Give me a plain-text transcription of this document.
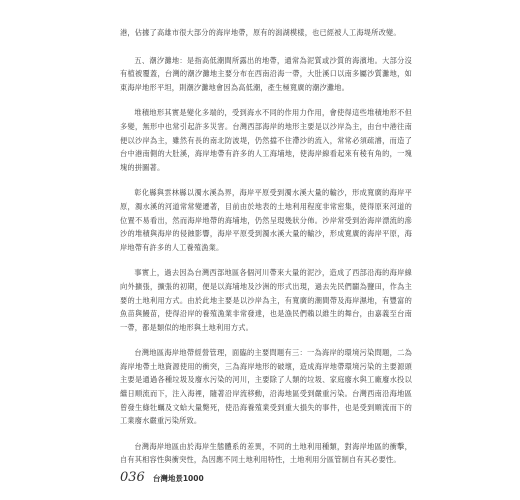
港，佔據了高雄市很大部分的海岸地帶，原有的潟湖模樣，也已經被人工海堤所改變。

五、潮汐灘地：是指高低潮間所露出的地帶，通常為泥質或沙質的海濱地。大部分沒有植被覆蓋，台灣的潮汐灘地主要分布在西南沿海一帶，大肚溪口以南多屬沙質灘地，如東海岸地形平坦，則潮汐灘地會因為高低潮，產生極寬廣的潮汐灘地。

堆積地形其實是變化多端的，受到海水不同的作用力作用，會使得這些堆積地形不但多變，無形中也常引起許多災害。台灣西部海岸的地形主要是以沙岸為主，由台中港往南便以沙岸為主，雖然有長的南北防波堤，仍然擋不住滯沙的流入，常常必須疏濬，而造了台中港南側的大肚溪，海岸地帶有許多的人工海埔地，使海岸線看起來有稜有角的，一塊塊的拼圖著。

彰化縣與雲林縣以濁水溪為界，海岸平原受到濁水溪大量的輸沙，形成寬廣的海岸平原，濁水溪的河道常常變遷著，目前由於地表的土地利用程度非常密集，使得原來河道的位置不易看出，然而海岸地帶的海埔地，仍然呈現幾狀分佈。沙岸常受到治海岸漂流的滲沙的堆積與海岸的侵蝕影響，海岸平原受到濁水溪大量的輸沙，形成寬廣的海岸平原，海岸地帶有許多的人工養殖漁業。

事實上，過去因為台灣西部地區各個河川帶來大量的泥沙，造成了西部沿海的海岸線向外擴張，擴張的初期，便是以海埔地及沙洲的形式出現，過去先民們闢為鹽田，作為主要的土地利用方式。由於此地主要是以沙岸為主，有寬廣的潮間帶及海岸濕地，有豐富的魚苗與鰻苗，使得沿岸的養殖漁業非常發達，也是漁民們賴以維生的舞台，由嘉義至台南一帶，都是類似的地形與土地利用方式。

台灣地區海岸地帶經營管理，面臨的主要問題有三：一為海岸的環境污染問題，二為海岸地帶土地資源使用的衝突，三為海岸地形的破壞，造成海岸地帶環境污染的主要源頭主要是通過各種垃圾及廢水污染的河川，主要除了人類的垃圾、家庭廢水與工廠廢水投以繼日順流而下，注入海裡，隨著沿岸流移動，沿海地區受到嚴重污染。台灣西南沿海地區曾發生綠牡蠣及文蛤大量斃死，使沿海養殖業受到重大損失的事件，也是受到順流而下的工業廢水嚴重污染所致。

台灣海岸地區由於海岸生態體系的差異，不同的土地利用種類，對海岸地區的衝擊，自有其相容性與衝突性，為因應不同土地利用特性，土地利用分區管制自有其必要性。

036 台灣地景1000
